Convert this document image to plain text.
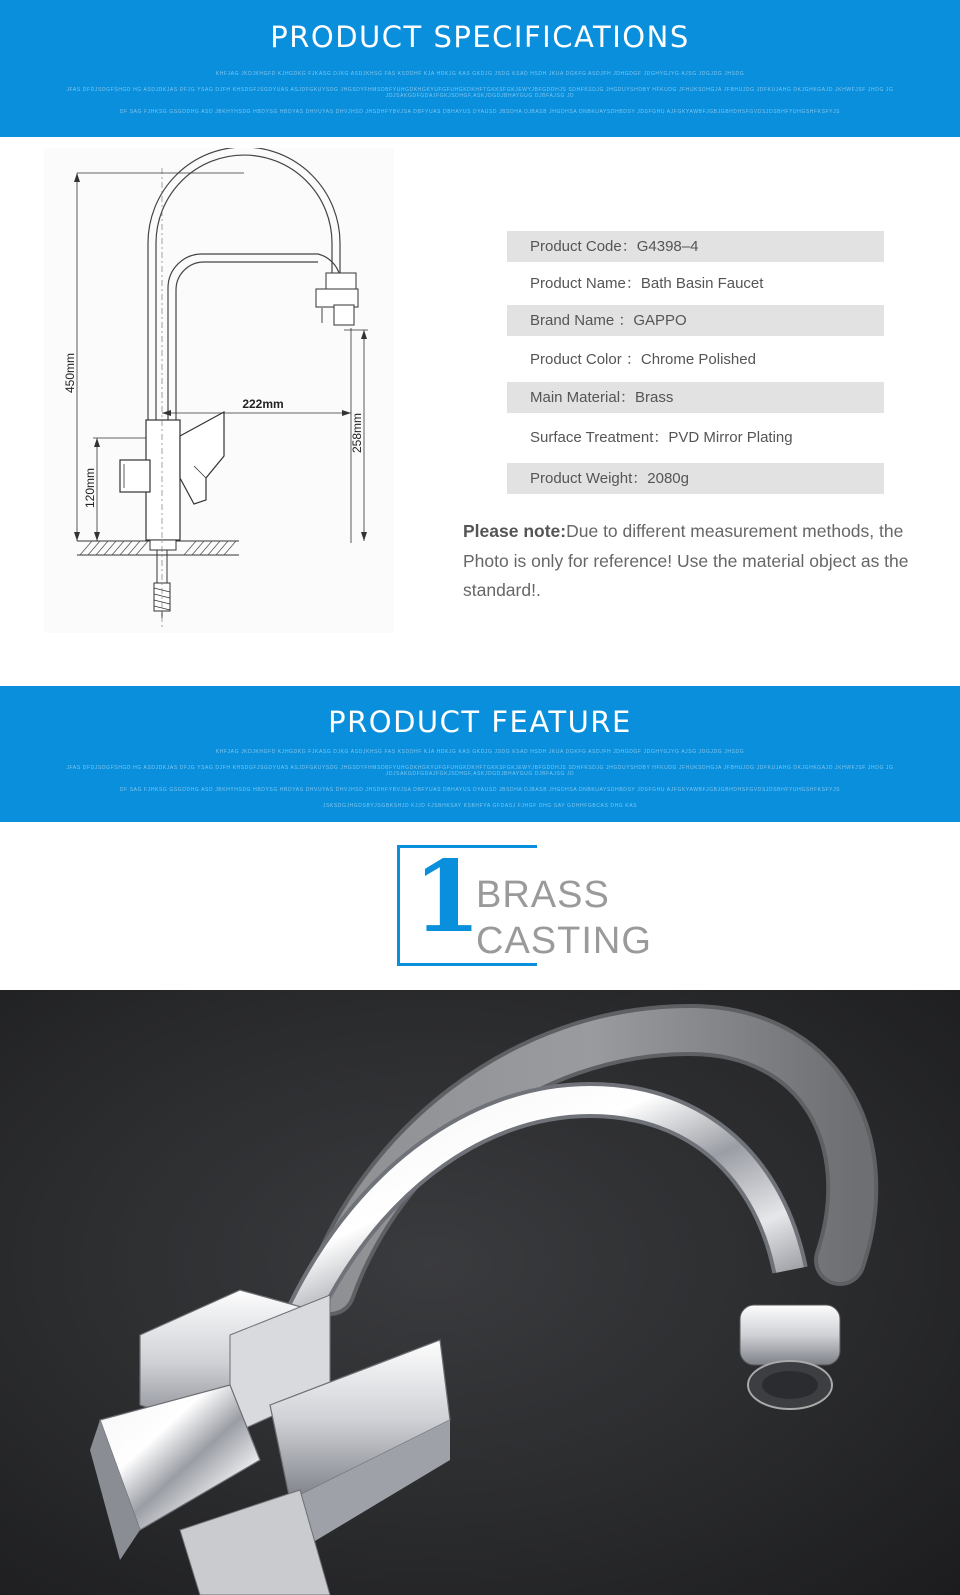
PRODUCT SPECIFICATIONS
KHFJAG JKDJKHGFD KJHGDKG FJKASG DJKG ASDJKHSG FAS KSDDHF KJA HDKJG KAS GKDJG JSDG KSAD HSDH JKUA DGKFG ASDJFH JDHGDGF JDGHYGJYG AJSG JDGJDG JHSDG
JFAS DFDJSDGFSHGD HG ASDJDKJAS DFJG YSAG DJFH KHSDGFJSGDYUAS ASJDFGKUYSDG JHGSDYFHMSDBFYUHGDKHGKYUFGFUHGKDKHFTGKKSFGKJEWYJBFGDDHJS SDHFKSDJG JHGDUYSHDBY HFKUDG JFHUKSDHGJA JFBHUJDG JDFKUJAHG DKJGHKGAJD JKHWFJSF JHDG JG JDJSAKGDFGDAJFGKJSDHGF,ASKJDGDJBHAYGUG DJBFAJSG JD
DF SAG FJHKSG GSGDDHG ASD JBKHYHSDG HBDYSG HBDYAS DHVUYAS DHVJHSD JHSDHFYBVJSA DBFYUAS DBHAYUS DYAUSD JBSDHA DJBASB JHGDHSA DNBKUAYSDHBDSY JDSFGHU AJFGKYAWBFJGBJGBHDHSFGVDSJDSBHFYUHGSHFKSFYJS
450mm
222mm
258mm
120mm
Product Code：G4398–4
Product Name：Bath Basin Faucet
Brand Name ：GAPPO
Product Color ：Chrome Polished
Main Material：Brass
Surface Treatment：PVD Mirror Plating
Product Weight：2080g
Please note:Due to different measurement methods, the Photo is only for reference! Use the material object as the standard!.
PRODUCT FEATURE
KHFJAG JKDJKHGFD KJHGDKG FJKASG DJKG ASDJKHSG FAS KSDDHF KJA HDKJG KAS GKDJG JSDG KSAD HSDH JKUA DGKFG ASDJFH JDHGDGF JDGHYGJYG AJSG JDGJDG JHSDG
JFAS DFDJSDGFSHGD HG ASDJDKJAS DFJG YSAG DJFH KHSDGFJSGDYUAS ASJDFGKUYSDG JHGSDYFHMSDBFYUHGDKHGKYUFGFUHGKDKHFTGKKSFGKJEWYJBFGDDHJS SDHFKSDJG JHGDUYSHDBY HFKUDG JFHUKSDHGJA JFBHUJDG JDFKUJAHG DKJGHKGAJD JKHWFJSF JHDG JG JDJSAKGDFGDAJFGKJSDHGF,ASKJDGDJBHAYGUG DJBFAJSG JD
DF SAG FJHKSG GSGDDHG ASD JBKHYHSDG HBDYSG HBDYAS DHVUYAS DHVJHSD JHSDHFYBVJSA DBFYUAS DBHAYUS DYAUSD JBSDHA DJBASB JHGDHSA DNBKUAYSDHBDSY JDSFGHU AJFGKYAWBFJGBJGBHDHSFGVDSJDSBHFYUHGSHFKSFYJS
JSKSDGJHGDSBYJSGBKSHJD KJJD FJSBHKSAY KSBHFYA GFDASJ FJHGF DHG SAY GDHHFGBCAS DHG KAS
1
BRASS
CASTING
